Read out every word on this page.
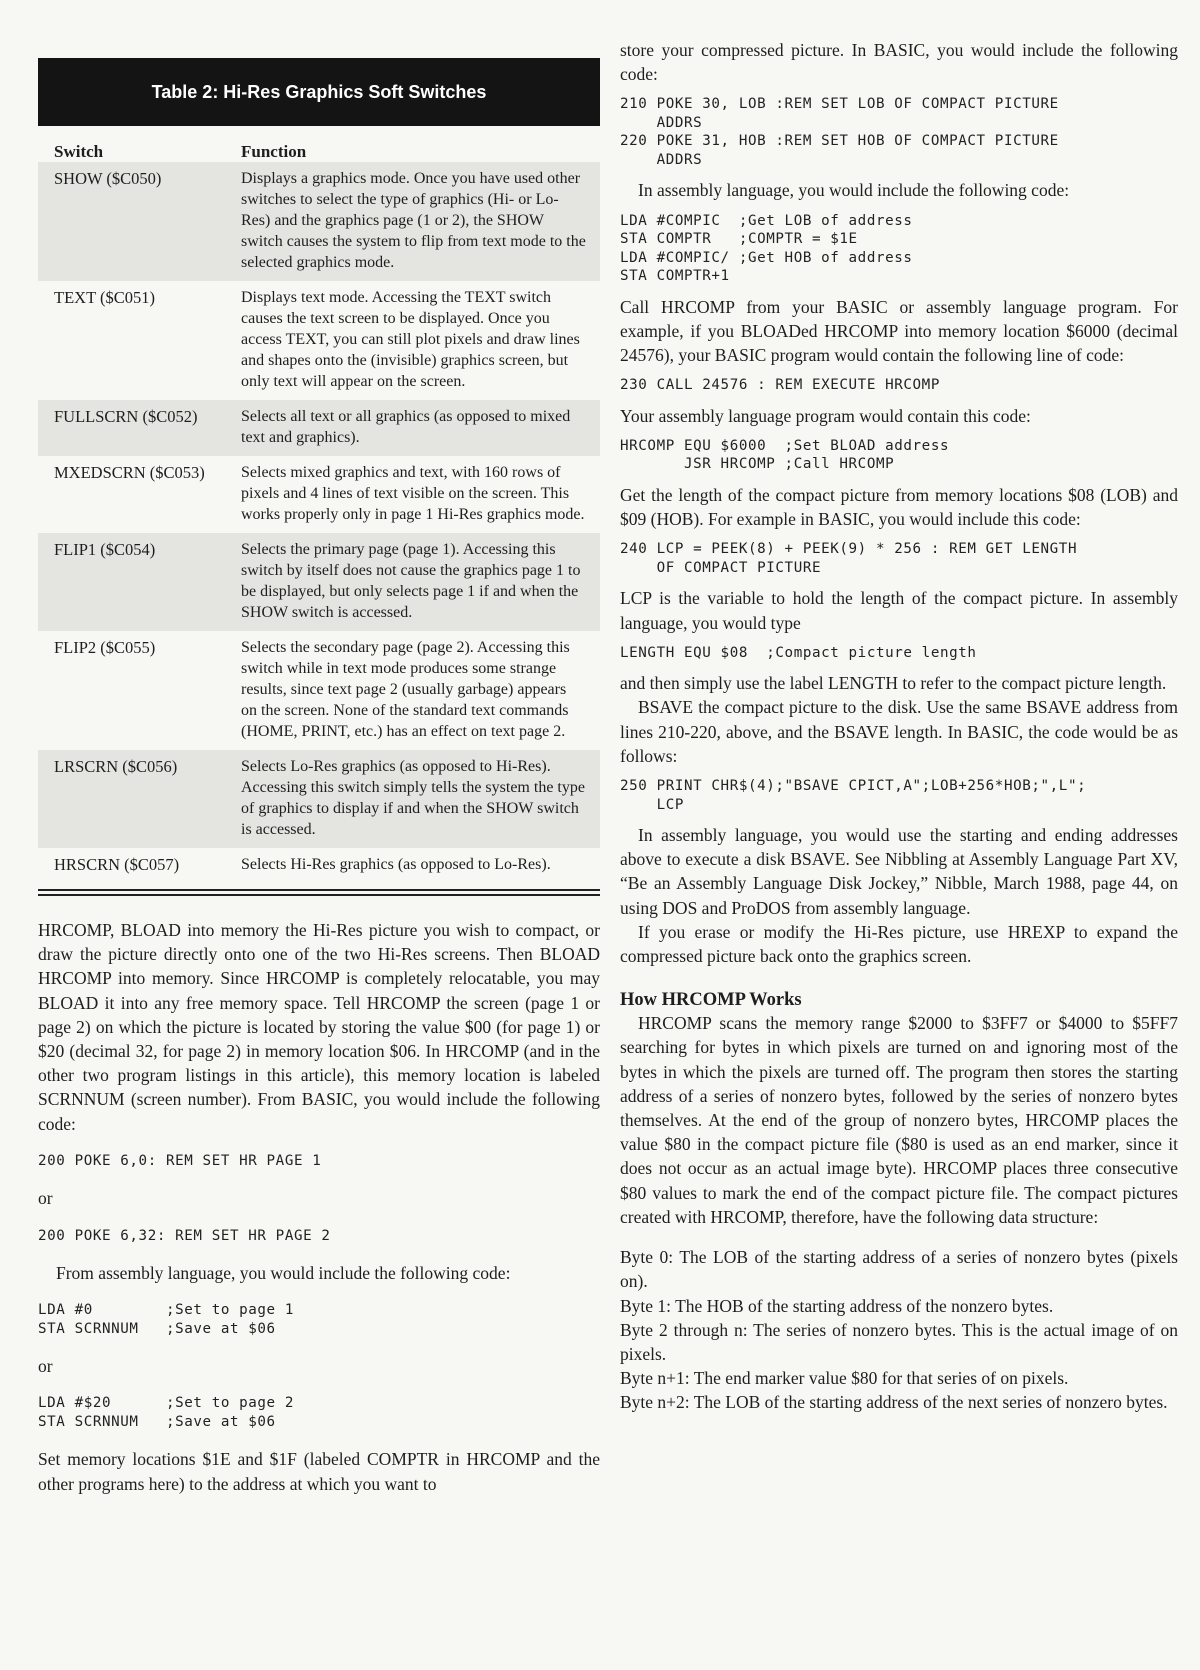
Table 2: Hi-Res Graphics Soft Switches
Switch	Function
SHOW ($C050)	Displays a graphics mode. Once you have used other switches to select the type of graphics (Hi- or Lo-Res) and the graphics page (1 or 2), the SHOW switch causes the system to flip from text mode to the selected graphics mode.
TEXT ($C051)	Displays text mode. Accessing the TEXT switch causes the text screen to be displayed. Once you access TEXT, you can still plot pixels and draw lines and shapes onto the (invisible) graphics screen, but only text will appear on the screen.
FULLSCRN ($C052)	Selects all text or all graphics (as opposed to mixed text and graphics).
MXEDSCRN ($C053)	Selects mixed graphics and text, with 160 rows of pixels and 4 lines of text visible on the screen. This works properly only in page 1 Hi-Res graphics mode.
FLIP1 ($C054)	Selects the primary page (page 1). Accessing this switch by itself does not cause the graphics page 1 to be displayed, but only selects page 1 if and when the SHOW switch is accessed.
FLIP2 ($C055)	Selects the secondary page (page 2). Accessing this switch while in text mode produces some strange results, since text page 2 (usually garbage) appears on the screen. None of the standard text commands (HOME, PRINT, etc.) has an effect on text page 2.
LRSCRN ($C056)	Selects Lo-Res graphics (as opposed to Hi-Res). Accessing this switch simply tells the system the type of graphics to display if and when the SHOW switch is accessed.
HRSCRN ($C057)	Selects Hi-Res graphics (as opposed to Lo-Res).

HRCOMP, BLOAD into memory the Hi-Res picture you wish to compact, or draw the picture directly onto one of the two Hi-Res screens. Then BLOAD HRCOMP into memory. Since HRCOMP is completely relocatable, you may BLOAD it into any free memory space. Tell HRCOMP the screen (page 1 or page 2) on which the picture is located by storing the value $00 (for page 1) or $20 (decimal 32, for page 2) in memory location $06. In HRCOMP (and in the other two program listings in this article), this memory location is labeled SCRNNUM (screen number). From BASIC, you would include the following code:

200 POKE 6,0: REM SET HR PAGE 1

or

200 POKE 6,32: REM SET HR PAGE 2

From assembly language, you would include the following code:

LDA #0        ;Set to page 1
STA SCRNNUM   ;Save at $06

or

LDA #$20      ;Set to page 2
STA SCRNNUM   ;Save at $06

Set memory locations $1E and $1F (labeled COMPTR in HRCOMP and the other programs here) to the address at which you want to

store your compressed picture. In BASIC, you would include the following code:

210 POKE 30, LOB :REM SET LOB OF COMPACT PICTURE
ADDRS
220 POKE 31, HOB :REM SET HOB OF COMPACT PICTURE
ADDRS

In assembly language, you would include the following code:

LDA #COMPIC  ;Get LOB of address
STA COMPTR   ;COMPTR = $1E
LDA #COMPIC/ ;Get HOB of address
STA COMPTR+1

Call HRCOMP from your BASIC or assembly language program. For example, if you BLOADed HRCOMP into memory location $6000 (decimal 24576), your BASIC program would contain the following line of code:

230 CALL 24576 : REM EXECUTE HRCOMP

Your assembly language program would contain this code:

HRCOMP EQU $6000  ;Set BLOAD address
JSR HRCOMP ;Call HRCOMP

Get the length of the compact picture from memory locations $08 (LOB) and $09 (HOB). For example in BASIC, you would include this code:

240 LCP = PEEK(8) + PEEK(9) * 256 : REM GET LENGTH
OF COMPACT PICTURE

LCP is the variable to hold the length of the compact picture. In assembly language, you would type

LENGTH EQU $08  ;Compact picture length

and then simply use the label LENGTH to refer to the compact picture length.

BSAVE the compact picture to the disk. Use the same BSAVE address from lines 210-220, above, and the BSAVE length. In BASIC, the code would be as follows:

250 PRINT CHR$(4);"BSAVE CPICT,A";LOB+256*HOB;",L";
LCP

In assembly language, you would use the starting and ending addresses above to execute a disk BSAVE. See Nibbling at Assembly Language Part XV, “Be an Assembly Language Disk Jockey,” Nibble, March 1988, page 44, on using DOS and ProDOS from assembly language.

If you erase or modify the Hi-Res picture, use HREXP to expand the compressed picture back onto the graphics screen.

How HRCOMP Works

HRCOMP scans the memory range $2000 to $3FF7 or $4000 to $5FF7 searching for bytes in which pixels are turned on and ignoring most of the bytes in which the pixels are turned off. The program then stores the starting address of a series of nonzero bytes, followed by the series of nonzero bytes themselves. At the end of the group of nonzero bytes, HRCOMP places the value $80 in the compact picture file ($80 is used as an end marker, since it does not occur as an actual image byte). HRCOMP places three consecutive $80 values to mark the end of the compact picture file. The compact pictures created with HRCOMP, therefore, have the following data structure:

Byte 0: The LOB of the starting address of a series of nonzero bytes (pixels on).

Byte 1: The HOB of the starting address of the nonzero bytes.

Byte 2 through n: The series of nonzero bytes. This is the actual image of on pixels.

Byte n+1: The end marker value $80 for that series of on pixels.

Byte n+2: The LOB of the starting address of the next series of nonzero bytes.
